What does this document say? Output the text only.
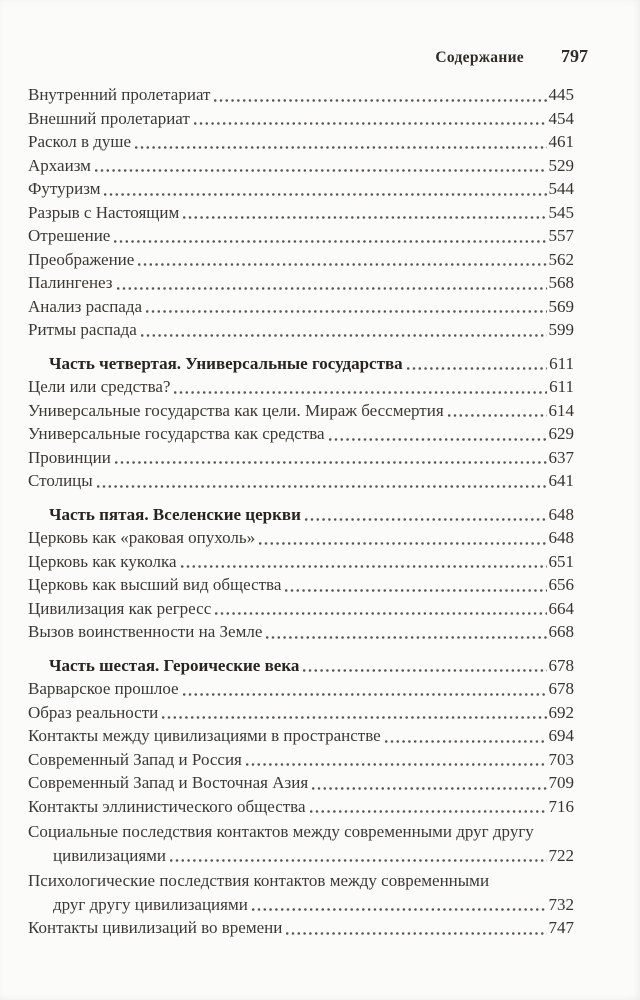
Содержание 797
Внутренний пролетариат	445
Внешний пролетариат	454
Раскол в душе	461
Архаизм	529
Футуризм	544
Разрыв с Настоящим	545
Отрешение	557
Преображение	562
Палингенез	568
Анализ распада	569
Ритмы распада	599
Часть четвертая. Универсальные государства	611
Цели или средства?	611
Универсальные государства как цели. Мираж бессмертия	614
Универсальные государства как средства	629
Провинции	637
Столицы	641
Часть пятая. Вселенские церкви	648
Церковь как «раковая опухоль»	648
Церковь как куколка	651
Церковь как высший вид общества	656
Цивилизация как регресс	664
Вызов воинственности на Земле	668
Часть шестая. Героические века	678
Варварское прошлое	678
Образ реальности	692
Контакты между цивилизациями в пространстве	694
Современный Запад и Россия	703
Современный Запад и Восточная Азия	709
Контакты эллинистического общества	716
Социальные последствия контактов между современными друг другу
цивилизациями	722
Психологические последствия контактов между современными
друг другу цивилизациями	732
Контакты цивилизаций во времени	747
